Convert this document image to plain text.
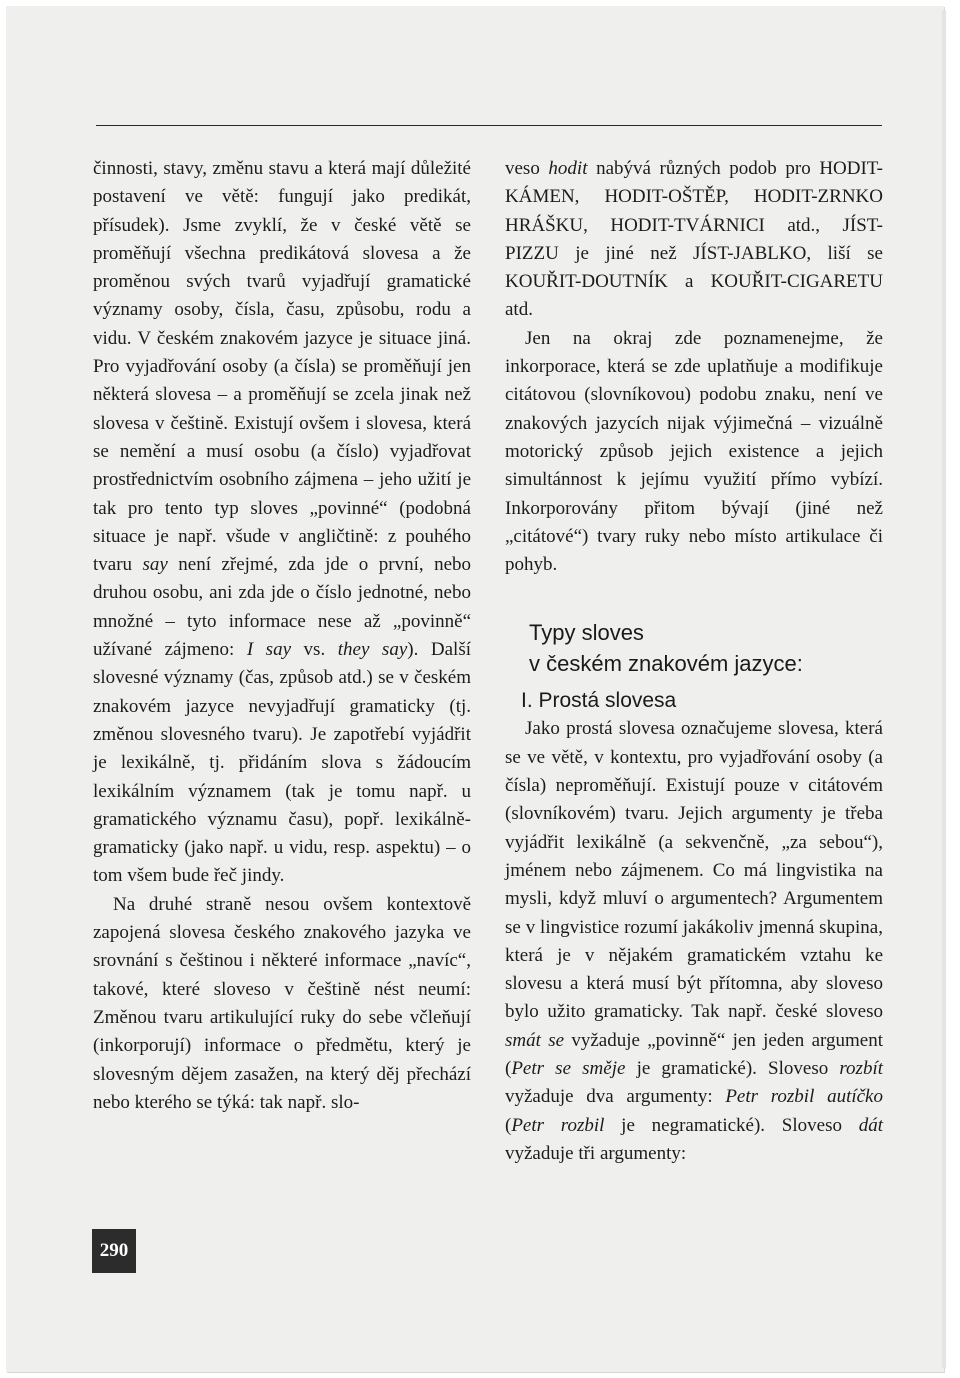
činnosti, stavy, změnu stavu a která mají důležité postavení ve větě: fungují jako predikát, přísudek). Jsme zvyklí, že v české větě se proměňují všechna predikátová slovesa a že proměnou svých tvarů vyjadřují gramatické významy osoby, čísla, času, způsobu, rodu a vidu. V českém znakovém jazyce je situace jiná. Pro vyjadřování osoby (a čísla) se proměňují jen některá slovesa – a proměňují se zcela jinak než slovesa v češtině. Existují ovšem i slovesa, která se nemění a musí osobu (a číslo) vyjadřovat prostřednictvím osobního zájmena – jeho užití je tak pro tento typ sloves „povinné“ (podobná situace je např. všude v angličtině: z pouhého tvaru say není zřejmé, zda jde o první, nebo druhou osobu, ani zda jde o číslo jednotné, nebo množné – tyto informace nese až „povinně“ užívané zájmeno: I say vs. they say). Další slovesné významy (čas, způsob atd.) se v českém znakovém jazyce nevyjadřují gramaticky (tj. změnou slovesného tvaru). Je zapotřebí vyjádřit je lexikálně, tj. přidáním slova s žádoucím lexikálním významem (tak je tomu např. u gramatického významu času), popř. lexikálně-gramaticky (jako např. u vidu, resp. aspektu) – o tom všem bude řeč jindy.

Na druhé straně nesou ovšem kontextově zapojená slovesa českého znakového jazyka ve srovnání s češtinou i některé informace „navíc“, takové, které sloveso v češtině nést neumí: Změnou tvaru artikulující ruky do sebe včleňují (inkorporují) informace o předmětu, který je slovesným dějem zasažen, na který děj přechází nebo kterého se týká: tak např. slo-

veso hodit nabývá různých podob pro HODIT-KÁMEN, HODIT-OŠTĚP, HODIT-ZRNKO HRÁŠKU, HODIT-TVÁRNICI atd., JÍST-PIZZU je jiné než JÍST-JABLKO, liší se KOUŘIT-DOUTNÍK a KOUŘIT-CIGARETU atd.

Jen na okraj zde poznamenejme, že inkorporace, která se zde uplatňuje a modifikuje citátovou (slovníkovou) podobu znaku, není ve znakových jazycích nijak výjimečná – vizuálně motorický způsob jejich existence a jejich simultánnost k jejímu využití přímo vybízí. Inkorporovány přitom bývají (jiné než „citátové“) tvary ruky nebo místo artikulace či pohyb.

Typy sloves
v českém znakovém jazyce:
I. Prostá slovesa

Jako prostá slovesa označujeme slovesa, která se ve větě, v kontextu, pro vyjadřování osoby (a čísla) neproměňují. Existují pouze v citátovém (slovníkovém) tvaru. Jejich argumenty je třeba vyjádřit lexikálně (a sekvenčně, „za sebou“), jménem nebo zájmenem. Co má lingvistika na mysli, když mluví o argumentech? Argumentem se v lingvistice rozumí jakákoliv jmenná skupina, která je v nějakém gramatickém vztahu ke slovesu a která musí být přítomna, aby sloveso bylo užito gramaticky. Tak např. české sloveso smát se vyžaduje „povinně“ jen jeden argument (Petr se směje je gramatické). Sloveso rozbít vyžaduje dva argumenty: Petr rozbil autíčko (Petr rozbil je negramatické). Sloveso dát vyžaduje tři argumenty:

290
